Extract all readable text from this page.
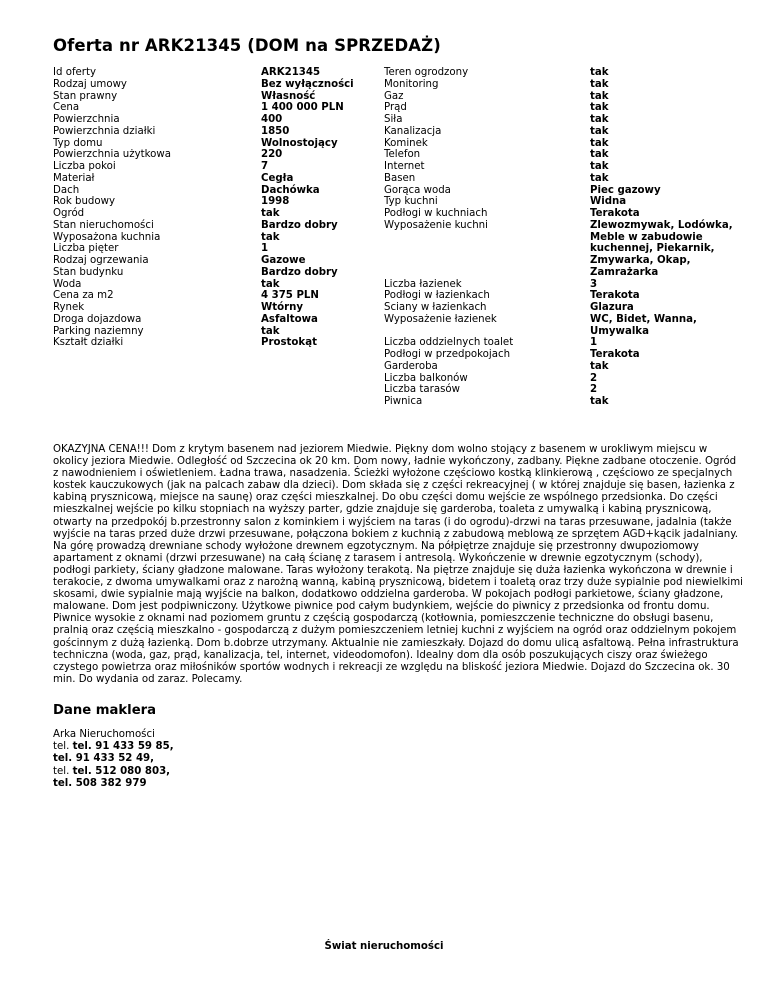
Oferta nr ARK21345 (DOM na SPRZEDAŻ)
Id oferty
Rodzaj umowy
Stan prawny
Cena
Powierzchnia
Powierzchnia działki
Typ domu
Powierzchnia użytkowa
Liczba pokoi
Materiał
Dach
Rok budowy
Ogród
Stan nieruchomości
Wyposażona kuchnia
Liczba pięter
Rodzaj ogrzewania
Stan budynku
Woda
Cena za m2
Rynek
Droga dojazdowa
Parking naziemny
Kształt działki
ARK21345
Bez wyłączności
Własność
1 400 000 PLN
400
1850
Wolnostojący
220
7
Cegła
Dachówka
1998
tak
Bardzo dobry
tak
1
Gazowe
Bardzo dobry
tak
4 375 PLN
Wtórny
Asfaltowa
tak
Prostokąt
Teren ogrodzony
Monitoring
Gaz
Prąd
Siła
Kanalizacja
Kominek
Telefon
Internet
Basen
Gorąca woda
Typ kuchni
Podłogi w kuchniach
Wyposażenie kuchni
Liczba łazienek
Podłogi w łazienkach
Sciany w łazienkach
Wyposażenie łazienek
Liczba oddzielnych toalet
Podłogi w przedpokojach
Garderoba
Liczba balkonów
Liczba tarasów
Piwnica
tak
tak
tak
tak
tak
tak
tak
tak
tak
tak
Piec gazowy
Widna
Terakota
Zlewozmywak, Lodówka, Meble w zabudowie kuchennej, Piekarnik, Zmywarka, Okap, Zamrażarka
3
Terakota
Glazura
WC, Bidet, Wanna, Umywalka
1
Terakota
tak
2
2
tak

OKAZYJNA CENA!!! Dom z krytym basenem nad jeziorem Miedwie. Piękny dom wolno stojący z basenem w urokliwym miejscu w okolicy jeziora Miedwie. Odległość od Szczecina ok 20 km. Dom nowy, ładnie wykończony, zadbany. Piękne zadbane otoczenie. Ogród z nawodnieniem i oświetleniem. Ładna trawa, nasadzenia. Ścieżki wyłożone częściowo kostką klinkierową , częściowo ze specjalnych kostek kauczukowych (jak na palcach zabaw dla dzieci). Dom składa się z części rekreacyjnej ( w której znajduje się basen, łazienka z kabiną prysznicową, miejsce na saunę) oraz części mieszkalnej. Do obu części domu wejście ze wspólnego przedsionka. Do części mieszkalnej wejście po kilku stopniach na wyższy parter, gdzie znajduje się garderoba, toaleta z umywalką i kabiną prysznicową, otwarty na przedpokój b.przestronny salon z kominkiem i wyjściem na taras (i do ogrodu)-drzwi na taras przesuwane, jadalnia (także wyjście na taras przed duże drzwi przesuwane, połączona bokiem z kuchnią z zabudową meblową ze sprzętem AGD+kącik jadalniany. Na górę prowadzą drewniane schody wyłożone drewnem egzotycznym. Na półpiętrze znajduje się przestronny dwupoziomowy apartament z oknami (drzwi przesuwane) na całą ścianę z tarasem i antresolą. Wykończenie w drewnie egzotycznym (schody), podłogi parkiety, ściany gładzone malowane. Taras wyłożony terakotą. Na piętrze znajduje się duża łazienka wykończona w drewnie i terakocie, z dwoma umywalkami oraz z narożną wanną, kabiną prysznicową, bidetem i toaletą oraz trzy duże sypialnie pod niewielkimi skosami, dwie sypialnie mają wyjście na balkon, dodatkowo oddzielna garderoba. W pokojach podłogi parkietowe, ściany gładzone, malowane. Dom jest podpiwniczony. Użytkowe piwnice pod całym budynkiem, wejście do piwnicy z przedsionka od frontu domu. Piwnice wysokie z oknami nad poziomem gruntu z częścią gospodarczą (kotłownia, pomieszczenie techniczne do obsługi basenu, pralnią oraz częścią mieszkalno - gospodarczą z dużym pomieszczeniem letniej kuchni z wyjściem na ogród oraz oddzielnym pokojem gościnnym z dużą łazienką. Dom b.dobrze utrzymany. Aktualnie nie zamieszkały. Dojazd do domu ulicą asfaltową. Pełna infrastruktura techniczna (woda, gaz, prąd, kanalizacja, tel, internet, videodomofon). Idealny dom dla osób poszukujących ciszy oraz świeżego czystego powietrza oraz miłośników sportów wodnych i rekreacji ze względu na bliskość jeziora Miedwie. Dojazd do Szczecina ok. 30 min. Do wydania od zaraz. Polecamy.

Dane maklera
Arka Nieruchomości
tel. tel. 91 433 59 85,
tel. 91 433 52 49,
tel. tel. 512 080 803,
tel. 508 382 979
Świat nieruchomości
